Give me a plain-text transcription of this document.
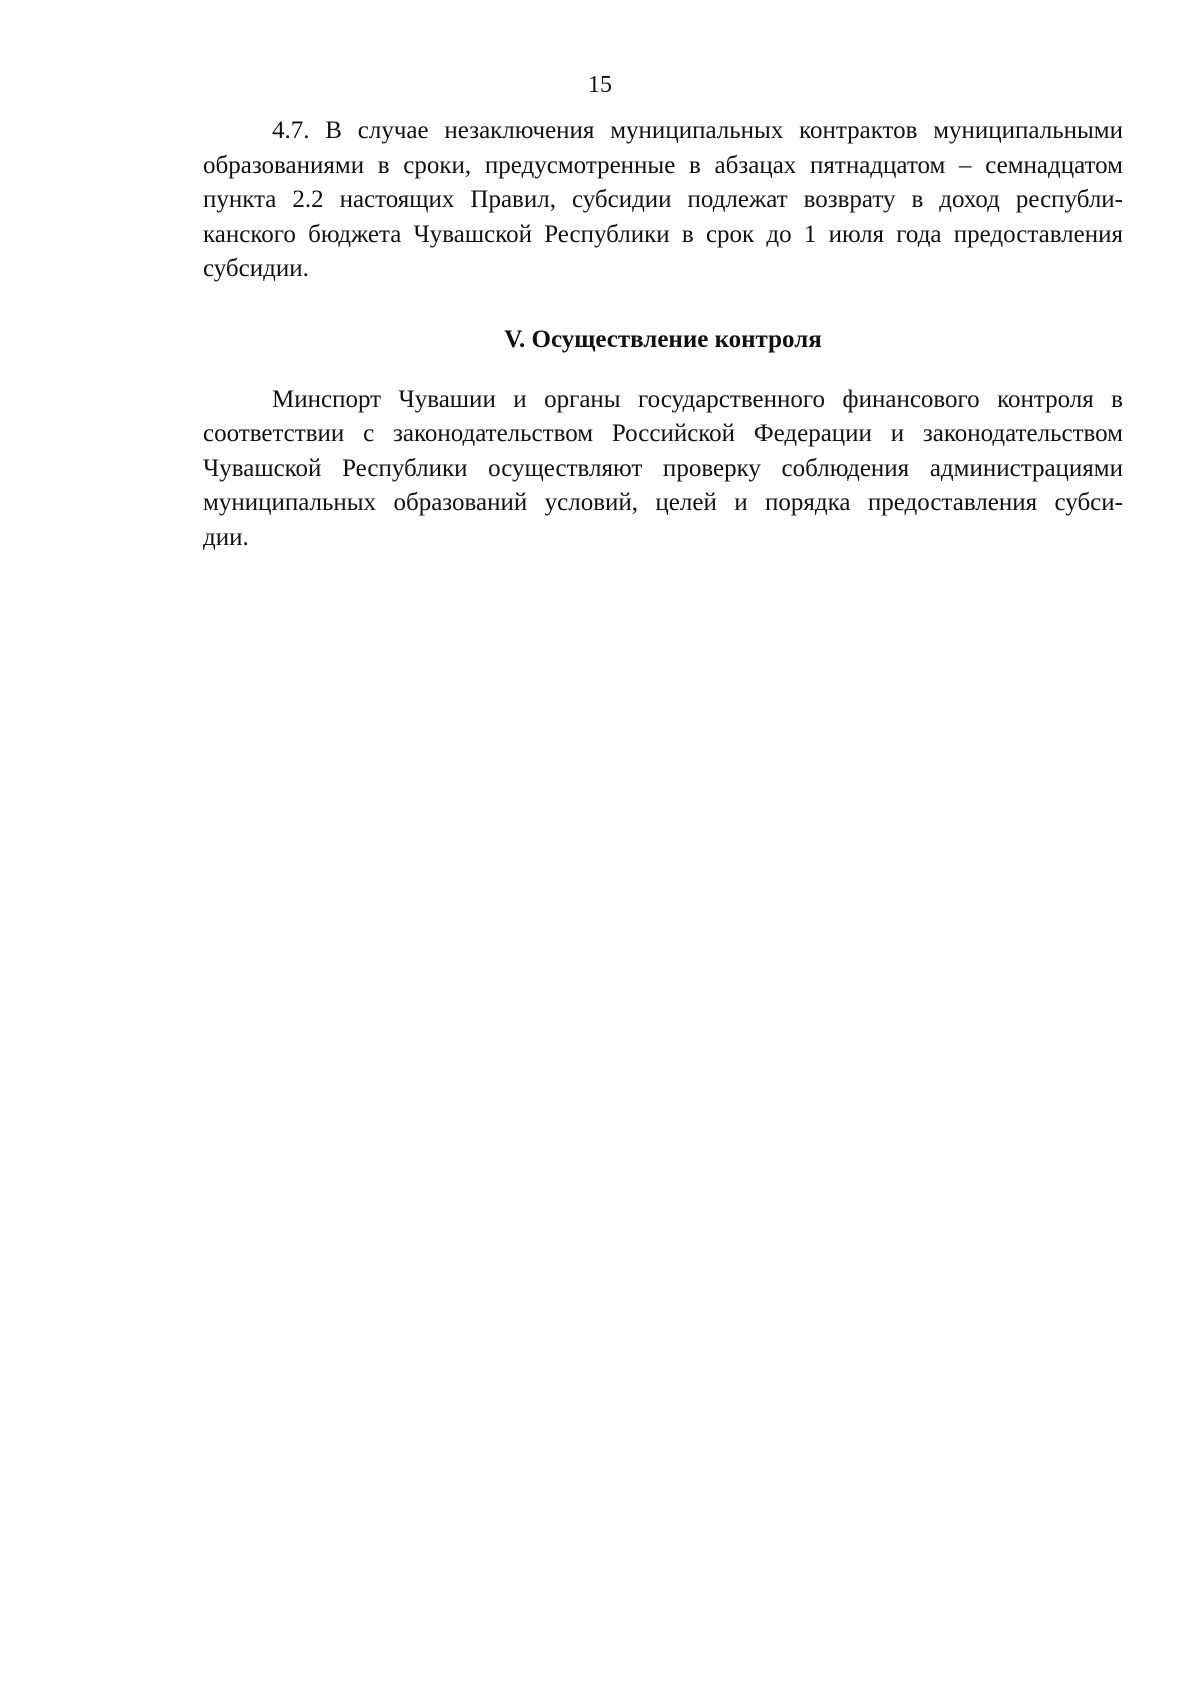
15
4.7. В случае незаключения муниципальных контрактов муниципальными
образованиями в сроки, предусмотренные в абзацах пятнадцатом – семнадцатом
пункта 2.2 настоящих Правил, субсидии подлежат возврату в доход республи-
канского бюджета Чувашской Республики в срок до 1 июля года предоставления
субсидии.
V. Осуществление контроля
Минспорт Чувашии и органы государственного финансового контроля в
соответствии с законодательством Российской Федерации и законодательством
Чувашской Республики осуществляют проверку соблюдения администрациями
муниципальных образований условий, целей и порядка предоставления субси-
дии.
